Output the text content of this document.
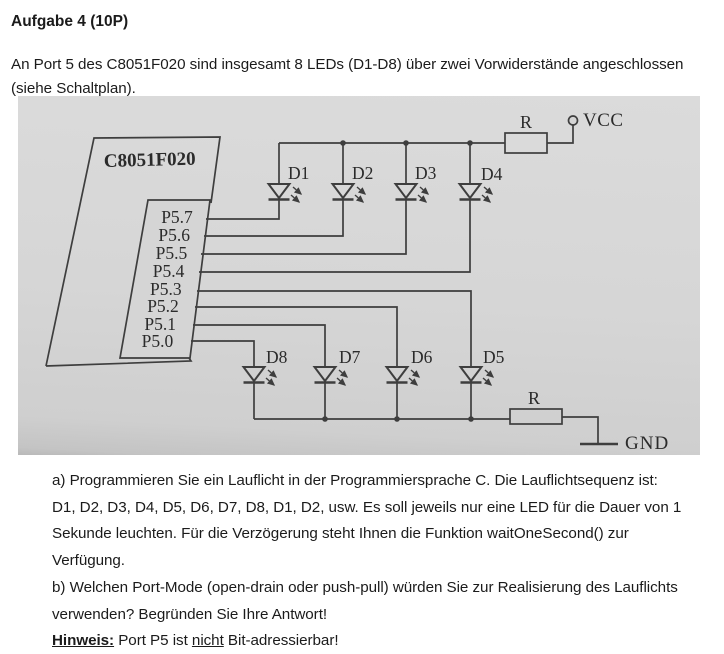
Aufgabe 4 (10P)

An Port 5 des C8051F020 sind insgesamt 8 LEDs (D1-D8) über zwei Vorwiderstände angeschlossen

(siehe Schaltplan).

C8051F020
P5.7
P5.6
P5.5
P5.4
P5.3
P5.2
P5.1
P5.0
D1 D2 D3	D4
D8	D7	D6	D5
R
R
VCC
GND

a) Programmieren Sie ein Lauflicht in der Programmiersprache C. Die Lauflichtsequenz ist:

D1, D2, D3, D4, D5, D6, D7, D8, D1, D2, usw. Es soll jeweils nur eine LED für die Dauer von 1

Sekunde leuchten. Für die Verzögerung steht Ihnen die Funktion waitOneSecond() zur

Verfügung.

b) Welchen Port-Mode (open-drain oder push-pull) würden Sie zur Realisierung des Lauflichts

verwenden? Begründen Sie Ihre Antwort!

Hinweis: Port P5 ist nicht Bit-adressierbar!
